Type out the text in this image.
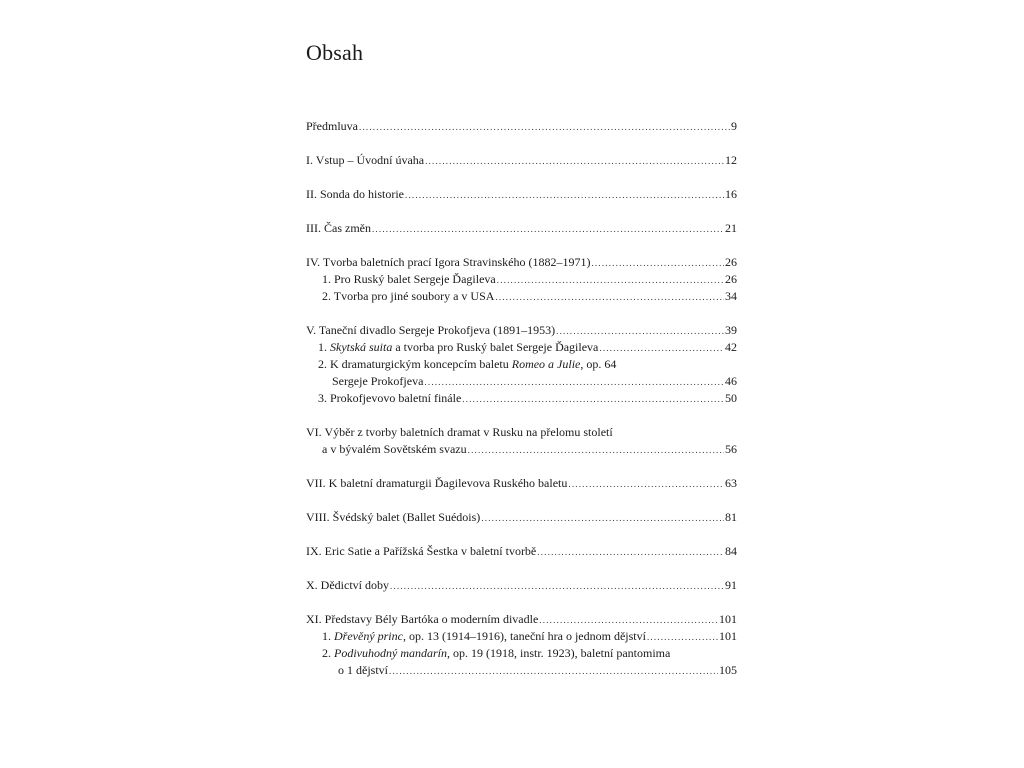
Obsah
Předmluva .....	9
I. Vstup – Úvodní úvaha .....	12
II. Sonda do historie .....	16
III. Čas změn .....	21
IV. Tvorba baletních prací Igora Stravinského (1882–1971) .....	26
1. Pro Ruský balet Sergeje Ďagileva .....	26
2. Tvorba pro jiné soubory a v USA .....	34
V. Taneční divadlo Sergeje Prokofjeva (1891–1953) .....	39
1. Skytská suita a tvorba pro Ruský balet Sergeje Ďagileva .....	42
2. K dramaturgickým koncepcím baletu Romeo a Julie, op. 64
Sergeje Prokofjeva .....	46
3. Prokofjevovo baletní finále .....	50
VI. Výběr z tvorby baletních dramat v Rusku na přelomu století
a v bývalém Sovětském svazu .....	56
VII. K baletní dramaturgii Ďagilevova Ruského baletu .....	63
VIII. Švédský balet (Ballet Suédois) .....	81
IX. Eric Satie a Pařížská Šestka v baletní tvorbě .....	84
X. Dědictví doby .....	91
XI. Představy Bély Bartóka o moderním divadle .....	101
1. Dřevěný princ, op. 13 (1914–1916), taneční hra o jednom dějství .....	101
2. Podivuhodný mandarín, op. 19 (1918, instr. 1923), baletní pantomima
o 1 dějství .....	105
